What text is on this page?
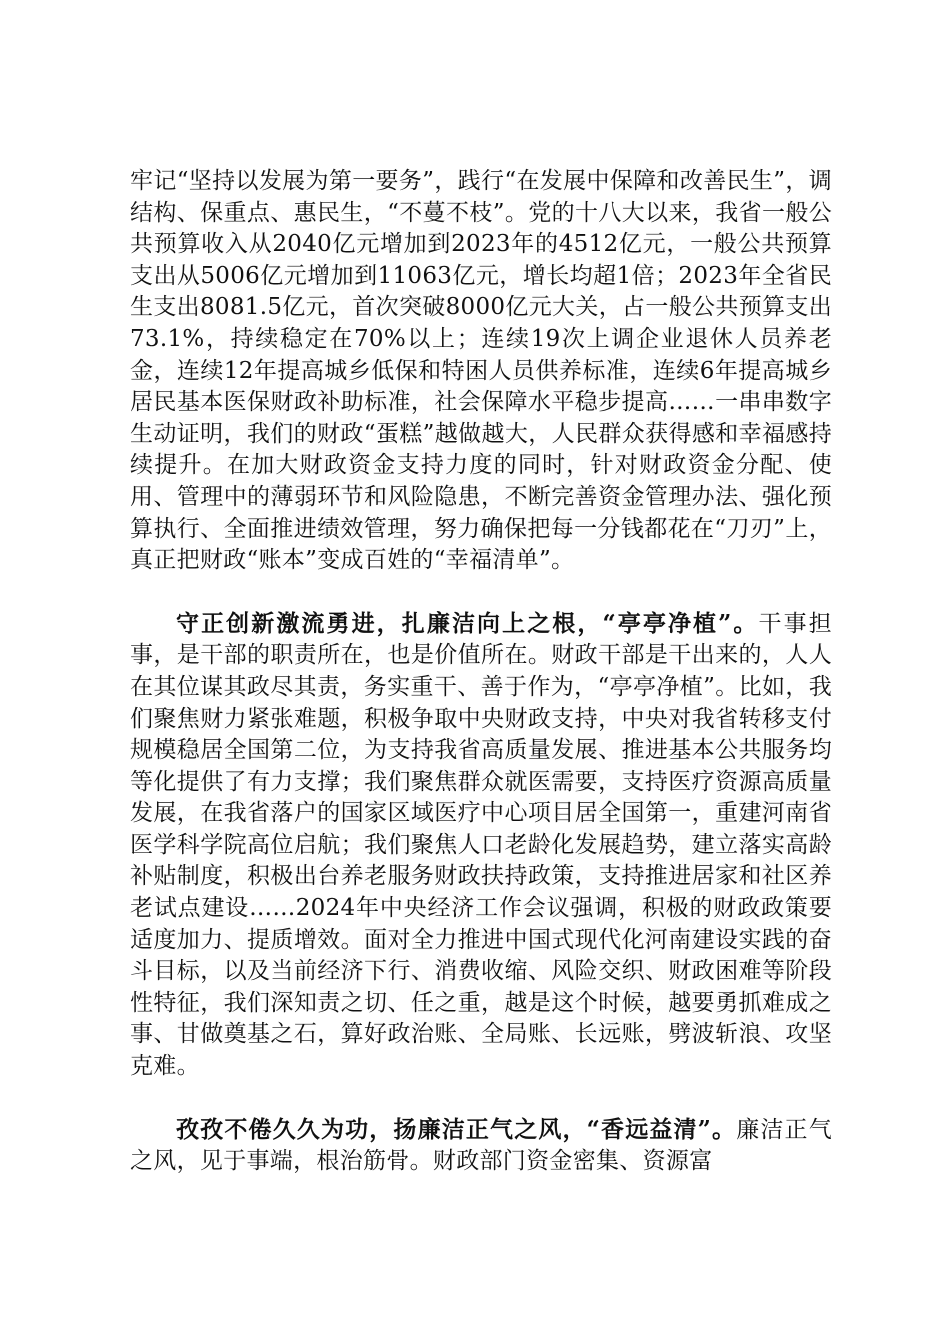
牢记“坚持以发展为第一要务”，践行“在发展中保障和改善民生”，调结构、保重点、惠民生，“不蔓不枝”。党的十八大以来，我省一般公共预算收入从2040亿元增加到2023年的4512亿元，一般公共预算支出从5006亿元增加到11063亿元，增长均超1倍；2023年全省民生支出8081.5亿元，首次突破8000亿元大关，占一般公共预算支出73.1%，持续稳定在70%以上；连续19次上调企业退休人员养老金，连续12年提高城乡低保和特困人员供养标准，连续6年提高城乡居民基本医保财政补助标准，社会保障水平稳步提高……一串串数字生动证明，我们的财政“蛋糕”越做越大，人民群众获得感和幸福感持续提升。在加大财政资金支持力度的同时，针对财政资金分配、使用、管理中的薄弱环节和风险隐患，不断完善资金管理办法、强化预算执行、全面推进绩效管理，努力确保把每一分钱都花在“刀刃”上，真正把财政“账本”变成百姓的“幸福清单”。

守正创新激流勇进，扎廉洁向上之根，“亭亭净植”。干事担事，是干部的职责所在，也是价值所在。财政干部是干出来的，人人在其位谋其政尽其责，务实重干、善于作为，“亭亭净植”。比如，我们聚焦财力紧张难题，积极争取中央财政支持，中央对我省转移支付规模稳居全国第二位，为支持我省高质量发展、推进基本公共服务均等化提供了有力支撑；我们聚焦群众就医需要，支持医疗资源高质量发展，在我省落户的国家区域医疗中心项目居全国第一，重建河南省医学科学院高位启航；我们聚焦人口老龄化发展趋势，建立落实高龄补贴制度，积极出台养老服务财政扶持政策，支持推进居家和社区养老试点建设……2024年中央经济工作会议强调，积极的财政政策要适度加力、提质增效。面对全力推进中国式现代化河南建设实践的奋斗目标，以及当前经济下行、消费收缩、风险交织、财政困难等阶段性特征，我们深知责之切、任之重，越是这个时候，越要勇抓难成之事、甘做奠基之石，算好政治账、全局账、长远账，劈波斩浪、攻坚克难。

孜孜不倦久久为功，扬廉洁正气之风，“香远益清”。廉洁正气之风，见于事端，根治筋骨。财政部门资金密集、资源富
